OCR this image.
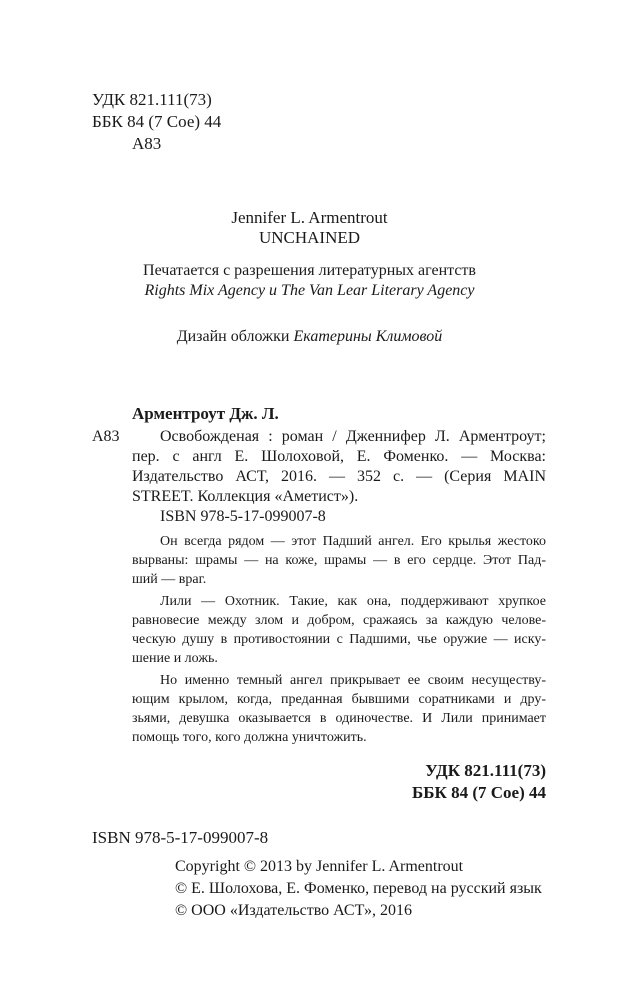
УДК 821.111(73)
ББК 84 (7 Сое) 44
А83
Jennifer L. Armentrout
UNCHAINED
Печатается с разрешения литературных агентств
Rights Mix Agency и The Van Lear Literary Agency
Дизайн обложки Екатерины Климовой
Арментроут Дж. Л.
А83	Освобожденая : роман / Дженнифер Л. Арментроут;
пер. с англ Е. Шолоховой, Е. Фоменко. — Москва:
Издательство АСТ, 2016. — 352 с. — (Серия MAIN
STREET. Коллекция «Аметист»).
ISBN 978-5-17-099007-8
Он всегда рядом — этот Падший ангел. Его крылья жестоко
вырваны: шрамы — на коже, шрамы — в его сердце. Этот Пад-
ший — враг.
Лили — Охотник. Такие, как она, поддерживают хрупкое
равновесие между злом и добром, сражаясь за каждую челове-
ческую душу в противостоянии с Падшими, чье оружие — иску-
шение и ложь.
Но именно темный ангел прикрывает ее своим несуществу-
ющим крылом, когда, преданная бывшими соратниками и дру-
зьями, девушка оказывается в одиночестве. И Лили принимает
помощь того, кого должна уничтожить.
УДК 821.111(73)
ББК 84 (7 Сое) 44
ISBN 978-5-17-099007-8
Copyright © 2013 by Jennifer L. Armentrout
© Е. Шолохова, Е. Фоменко, перевод на русский язык
© ООО «Издательство АСТ», 2016
